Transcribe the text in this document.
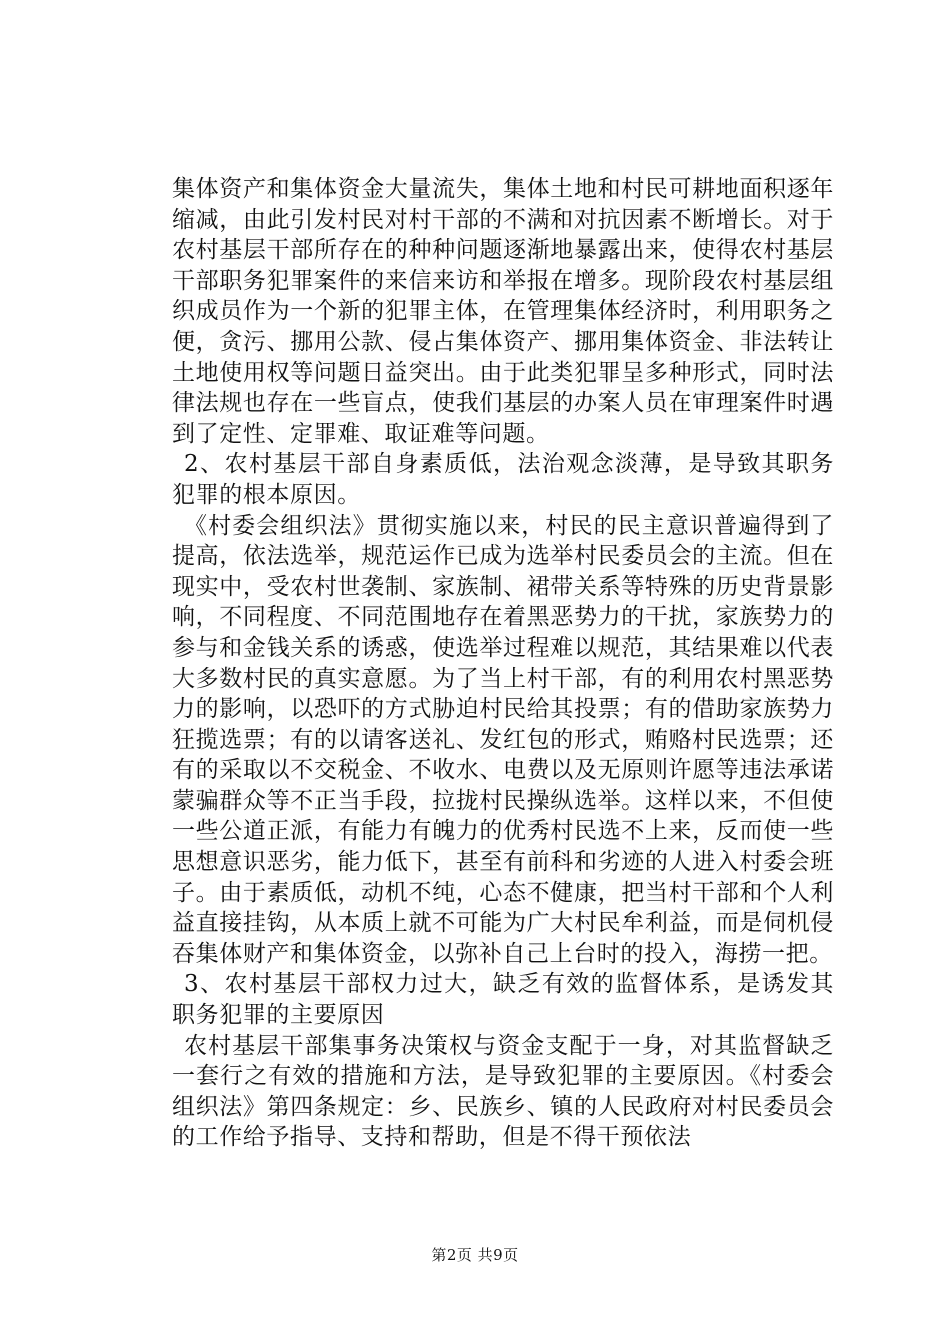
集体资产和集体资金大量流失，集体土地和村民可耕地面积逐年缩减，由此引发村民对村干部的不满和对抗因素不断增长。对于农村基层干部所存在的种种问题逐渐地暴露出来，使得农村基层干部职务犯罪案件的来信来访和举报在增多。现阶段农村基层组织成员作为一个新的犯罪主体，在管理集体经济时，利用职务之便，贪污、挪用公款、侵占集体资产、挪用集体资金、非法转让土地使用权等问题日益突出。由于此类犯罪呈多种形式，同时法律法规也存在一些盲点，使我们基层的办案人员在审理案件时遇到了定性、定罪难、取证难等问题。

2、农村基层干部自身素质低，法治观念淡薄，是导致其职务犯罪的根本原因。

《村委会组织法》贯彻实施以来，村民的民主意识普遍得到了提高，依法选举，规范运作已成为选举村民委员会的主流。但在现实中，受农村世袭制、家族制、裙带关系等特殊的历史背景影响，不同程度、不同范围地存在着黑恶势力的干扰，家族势力的参与和金钱关系的诱惑，使选举过程难以规范，其结果难以代表大多数村民的真实意愿。为了当上村干部，有的利用农村黑恶势力的影响，以恐吓的方式胁迫村民给其投票；有的借助家族势力狂揽选票；有的以请客送礼、发红包的形式，贿赂村民选票；还有的采取以不交税金、不收水、电费以及无原则许愿等违法承诺蒙骗群众等不正当手段，拉拢村民操纵选举。这样以来，不但使一些公道正派，有能力有魄力的优秀村民选不上来，反而使一些思想意识恶劣，能力低下，甚至有前科和劣迹的人进入村委会班子。由于素质低，动机不纯，心态不健康，把当村干部和个人利益直接挂钩，从本质上就不可能为广大村民牟利益，而是伺机侵吞集体财产和集体资金，以弥补自己上台时的投入，海捞一把。

3、农村基层干部权力过大，缺乏有效的监督体系，是诱发其职务犯罪的主要原因

农村基层干部集事务决策权与资金支配于一身，对其监督缺乏一套行之有效的措施和方法，是导致犯罪的主要原因。《村委会组织法》第四条规定：乡、民族乡、镇的人民政府对村民委员会的工作给予指导、支持和帮助，但是不得干预依法

第2页 共9页
